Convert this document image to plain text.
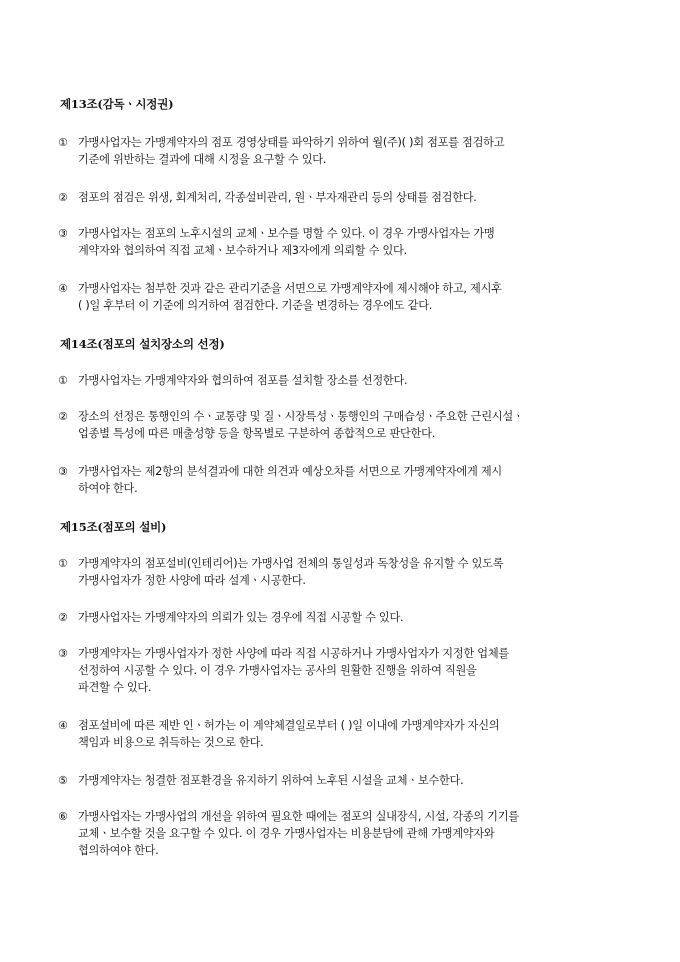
제13조(감독ㆍ시정권)
① 가맹사업자는 가맹계약자의 점포 경영상태를 파악하기 위하여 월(주)( )회 점포를 점검하고
기준에 위반하는 결과에 대해 시정을 요구할 수 있다.
② 점포의 점검은 위생, 회계처리, 각종설비관리, 원ㆍ부자재관리 등의 상태를 점검한다.
③ 가맹사업자는 점포의 노후시설의 교체ㆍ보수를 명할 수 있다. 이 경우 가맹사업자는 가맹
계약자와 협의하여 직접 교체ㆍ보수하거나 제3자에게 의뢰할 수 있다.
④ 가맹사업자는 첨부한 것과 같은 관리기준을 서면으로 가맹계약자에 제시해야 하고, 제시후
( )일 후부터 이 기준에 의거하여 점검한다. 기준을 변경하는 경우에도 같다.
제14조(점포의 설치장소의 선정)
① 가맹사업자는 가맹계약자와 협의하여 점포를 설치할 장소를 선정한다.
② 장소의 선정은 통행인의 수ㆍ교통량 및 질ㆍ시장특성ㆍ통행인의 구매습성ㆍ주요한 근린시설ㆍ
업종별 특성에 따른 매출성향 등을 항목별로 구분하여 종합적으로 판단한다.
③ 가맹사업자는 제2항의 분석결과에 대한 의견과 예상오차를 서면으로 가맹계약자에게 제시
하여야 한다.
제15조(점포의 설비)
① 가맹계약자의 점포설비(인테리어)는 가맹사업 전체의 통일성과 독창성을 유지할 수 있도록
가맹사업자가 정한 사양에 따라 설계ㆍ시공한다.
② 가맹사업자는 가맹계약자의 의뢰가 있는 경우에 직접 시공할 수 있다.
③ 가맹계약자는 가맹사업자가 정한 사양에 따라 직접 시공하거나 가맹사업자가 지정한 업체를
선정하여 시공할 수 있다. 이 경우 가맹사업자는 공사의 원활한 진행을 위하여 직원을
파견할 수 있다.
④ 점포설비에 따른 제반 인ㆍ허가는 이 계약체결일로부터 ( )일 이내에 가맹계약자가 자신의
책임과 비용으로 취득하는 것으로 한다.
⑤ 가맹계약자는 청결한 점포환경을 유지하기 위하여 노후된 시설을 교체ㆍ보수한다.
⑥ 가맹사업자는 가맹사업의 개선을 위하여 필요한 때에는 점포의 실내장식, 시설, 각종의 기기를
교체ㆍ보수할 것을 요구할 수 있다. 이 경우 가맹사업자는 비용분담에 관해 가맹계약자와
협의하여야 한다.
